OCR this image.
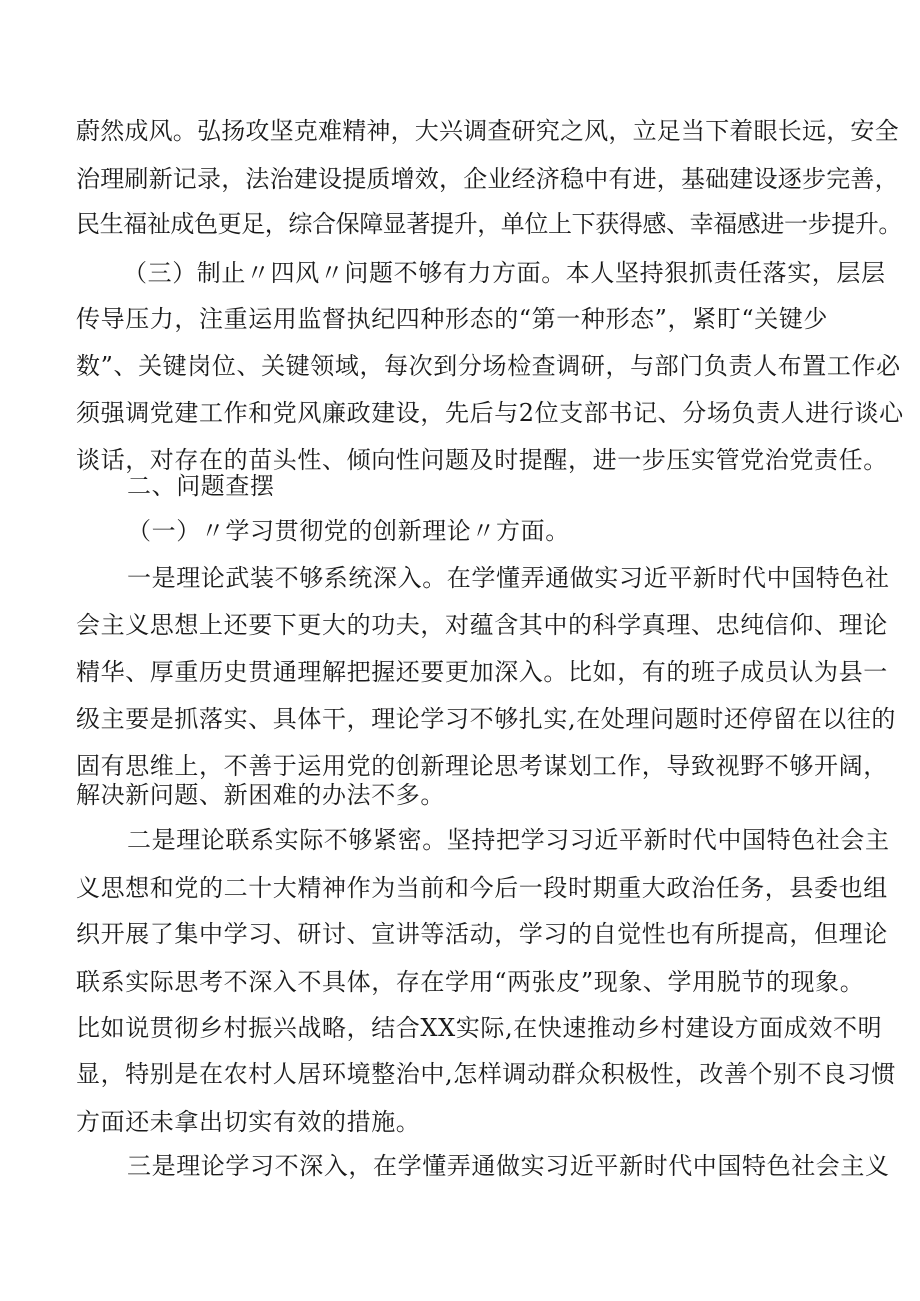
蔚然成风。弘扬攻坚克难精神，大兴调查研究之风，立足当下着眼长远，安全
治理刷新记录，法治建设提质增效，企业经济稳中有进，基础建设逐步完善，
民生福祉成色更足，综合保障显著提升，单位上下获得感、幸福感进一步提升。
（三）制止〃四风〃问题不够有力方面。本人坚持狠抓责任落实，层层
传导压力，注重运用监督执纪四种形态的“第一种形态”，紧盯“关键少
数”、关键岗位、关键领域，每次到分场检查调研，与部门负责人布置工作必
须强调党建工作和党风廉政建设，先后与2位支部书记、分场负责人进行谈心
谈话，对存在的苗头性、倾向性问题及时提醒，进一步压实管党治党责任。
二、问题查摆
（一）〃学习贯彻党的创新理论〃方面。
一是理论武装不够系统深入。在学懂弄通做实习近平新时代中国特色社
会主义思想上还要下更大的功夫，对蕴含其中的科学真理、忠纯信仰、理论
精华、厚重历史贯通理解把握还要更加深入。比如，有的班子成员认为县一
级主要是抓落实、具体干，理论学习不够扎实,在处理问题时还停留在以往的
固有思维上，不善于运用党的创新理论思考谋划工作，导致视野不够开阔，
解决新问题、新困难的办法不多。
二是理论联系实际不够紧密。坚持把学习习近平新时代中国特色社会主
义思想和党的二十大精神作为当前和今后一段时期重大政治任务，县委也组
织开展了集中学习、研讨、宣讲等活动，学习的自觉性也有所提高，但理论
联系实际思考不深入不具体，存在学用“两张皮”现象、学用脱节的现象。
比如说贯彻乡村振兴战略，结合XX实际,在快速推动乡村建设方面成效不明
显，特别是在农村人居环境整治中,怎样调动群众积极性，改善个别不良习惯
方面还未拿出切实有效的措施。
三是理论学习不深入，在学懂弄通做实习近平新时代中国特色社会主义
